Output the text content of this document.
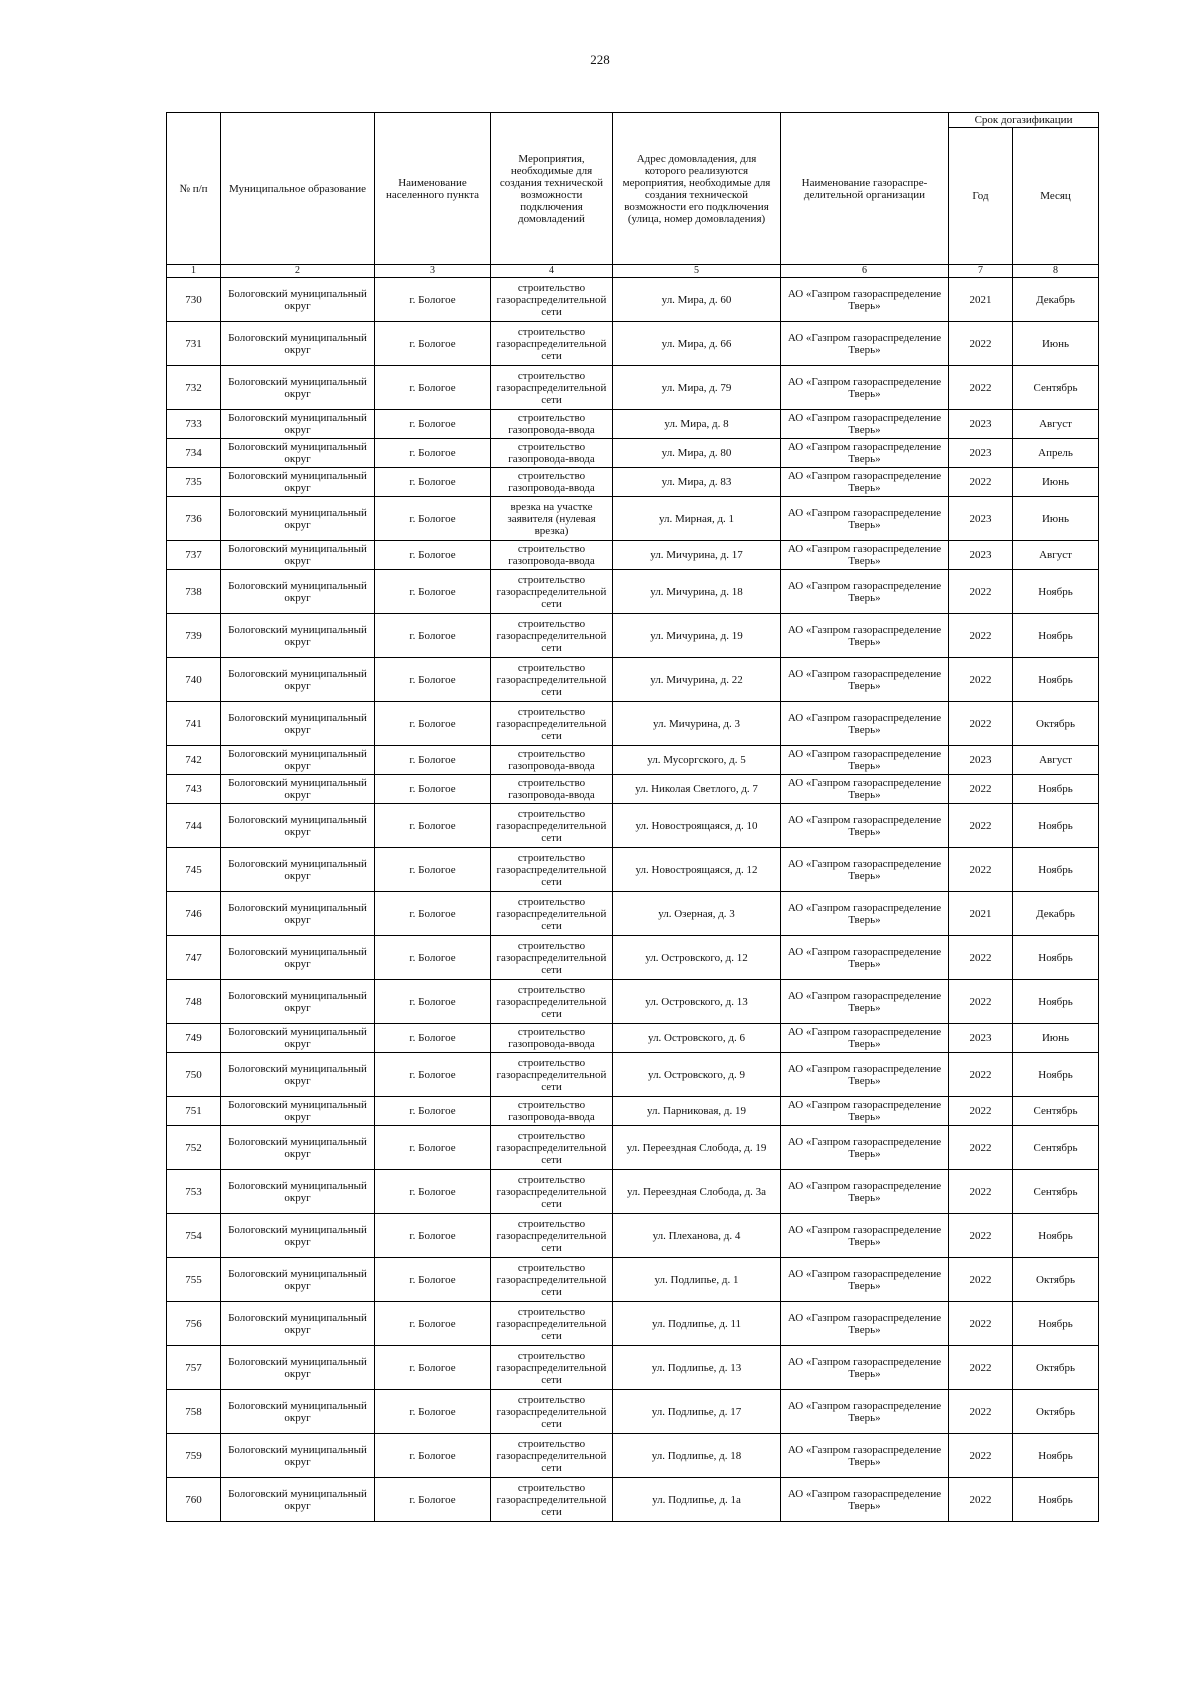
228
№ п/п	Муниципальное образование	Наименование населенного пункта	Мероприятия, необходимые для создания технической возможности подключения домовладений	Адрес домовладения, для которого реализуются мероприятия, необходимые для создания технической возможности его подключения (улица, номер домовладения)	Наименование газораспре-делительной организации	Срок догазификации	
						Год	Месяц
1	2	3	4	5	6	7	8
730	Бологовский муниципальный округ	г. Бологое	строительство газораспределительной сети	ул. Мира, д. 60	АО «Газпром газораспределение Тверь»	2021	Декабрь
731	Бологовский муниципальный округ	г. Бологое	строительство газораспределительной сети	ул. Мира, д. 66	АО «Газпром газораспределение Тверь»	2022	Июнь
732	Бологовский муниципальный округ	г. Бологое	строительство газораспределительной сети	ул. Мира, д. 79	АО «Газпром газораспределение Тверь»	2022	Сентябрь
733	Бологовский муниципальный округ	г. Бологое	строительство газопровода-ввода	ул. Мира, д. 8	АО «Газпром газораспределение Тверь»	2023	Август
734	Бологовский муниципальный округ	г. Бологое	строительство газопровода-ввода	ул. Мира, д. 80	АО «Газпром газораспределение Тверь»	2023	Апрель
735	Бологовский муниципальный округ	г. Бологое	строительство газопровода-ввода	ул. Мира, д. 83	АО «Газпром газораспределение Тверь»	2022	Июнь
736	Бологовский муниципальный округ	г. Бологое	врезка на участке заявителя (нулевая врезка)	ул. Мирная, д. 1	АО «Газпром газораспределение Тверь»	2023	Июнь
737	Бологовский муниципальный округ	г. Бологое	строительство газопровода-ввода	ул. Мичурина, д. 17	АО «Газпром газораспределение Тверь»	2023	Август
738	Бологовский муниципальный округ	г. Бологое	строительство газораспределительной сети	ул. Мичурина, д. 18	АО «Газпром газораспределение Тверь»	2022	Ноябрь
739	Бологовский муниципальный округ	г. Бологое	строительство газораспределительной сети	ул. Мичурина, д. 19	АО «Газпром газораспределение Тверь»	2022	Ноябрь
740	Бологовский муниципальный округ	г. Бологое	строительство газораспределительной сети	ул. Мичурина, д. 22	АО «Газпром газораспределение Тверь»	2022	Ноябрь
741	Бологовский муниципальный округ	г. Бологое	строительство газораспределительной сети	ул. Мичурина, д. 3	АО «Газпром газораспределение Тверь»	2022	Октябрь
742	Бологовский муниципальный округ	г. Бологое	строительство газопровода-ввода	ул. Мусоргского, д. 5	АО «Газпром газораспределение Тверь»	2023	Август
743	Бологовский муниципальный округ	г. Бологое	строительство газопровода-ввода	ул. Николая Светлого, д. 7	АО «Газпром газораспределение Тверь»	2022	Ноябрь
744	Бологовский муниципальный округ	г. Бологое	строительство газораспределительной сети	ул. Новостроящаяся, д. 10	АО «Газпром газораспределение Тверь»	2022	Ноябрь
745	Бологовский муниципальный округ	г. Бологое	строительство газораспределительной сети	ул. Новостроящаяся, д. 12	АО «Газпром газораспределение Тверь»	2022	Ноябрь
746	Бологовский муниципальный округ	г. Бологое	строительство газораспределительной сети	ул. Озерная, д. 3	АО «Газпром газораспределение Тверь»	2021	Декабрь
747	Бологовский муниципальный округ	г. Бологое	строительство газораспределительной сети	ул. Островского, д. 12	АО «Газпром газораспределение Тверь»	2022	Ноябрь
748	Бологовский муниципальный округ	г. Бологое	строительство газораспределительной сети	ул. Островского, д. 13	АО «Газпром газораспределение Тверь»	2022	Ноябрь
749	Бологовский муниципальный округ	г. Бологое	строительство газопровода-ввода	ул. Островского, д. 6	АО «Газпром газораспределение Тверь»	2023	Июнь
750	Бологовский муниципальный округ	г. Бологое	строительство газораспределительной сети	ул. Островского, д. 9	АО «Газпром газораспределение Тверь»	2022	Ноябрь
751	Бологовский муниципальный округ	г. Бологое	строительство газопровода-ввода	ул. Парниковая, д. 19	АО «Газпром газораспределение Тверь»	2022	Сентябрь
752	Бологовский муниципальный округ	г. Бологое	строительство газораспределительной сети	ул. Переездная Слобода, д. 19	АО «Газпром газораспределение Тверь»	2022	Сентябрь
753	Бологовский муниципальный округ	г. Бологое	строительство газораспределительной сети	ул. Переездная Слобода, д. 3а	АО «Газпром газораспределение Тверь»	2022	Сентябрь
754	Бологовский муниципальный округ	г. Бологое	строительство газораспределительной сети	ул. Плеханова, д. 4	АО «Газпром газораспределение Тверь»	2022	Ноябрь
755	Бологовский муниципальный округ	г. Бологое	строительство газораспределительной сети	ул. Подлипье, д. 1	АО «Газпром газораспределение Тверь»	2022	Октябрь
756	Бологовский муниципальный округ	г. Бологое	строительство газораспределительной сети	ул. Подлипье, д. 11	АО «Газпром газораспределение Тверь»	2022	Ноябрь
757	Бологовский муниципальный округ	г. Бологое	строительство газораспределительной сети	ул. Подлипье, д. 13	АО «Газпром газораспределение Тверь»	2022	Октябрь
758	Бологовский муниципальный округ	г. Бологое	строительство газораспределительной сети	ул. Подлипье, д. 17	АО «Газпром газораспределение Тверь»	2022	Октябрь
759	Бологовский муниципальный округ	г. Бологое	строительство газораспределительной сети	ул. Подлипье, д. 18	АО «Газпром газораспределение Тверь»	2022	Ноябрь
760	Бологовский муниципальный округ	г. Бологое	строительство газораспределительной сети	ул. Подлипье, д. 1а	АО «Газпром газораспределение Тверь»	2022	Ноябрь
